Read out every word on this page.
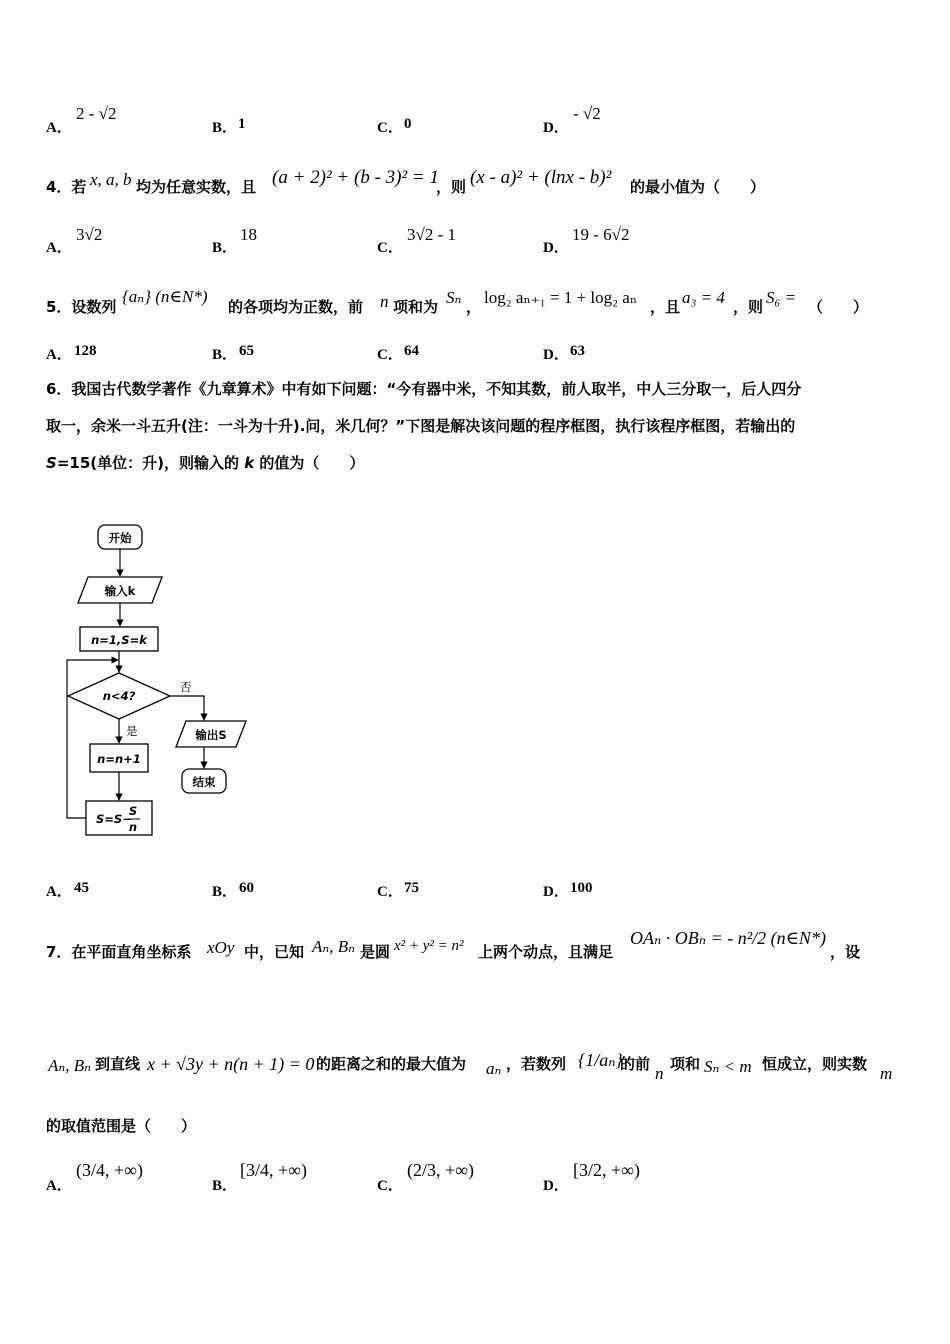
A．
2 - √2
B． 1	C． 0	D．
- √2
4．若 x, a, b 均为任意实数，且 (a + 2)² + (b - 3)² = 1
，则 (x - a)² + (lnx - b)² 的最小值为（　　）
A．
3√2
B．
18
C．
3√2 - 1
D．
19 - 6√2
5．设数列
{aₙ} (n∈N*)
的各项均为正数，前 n 项和为 Sₙ ， log₂ aₙ₊₁ = 1 + log₂ aₙ ，且 a₃ = 4 ，则 S₆ = （　　）
A． 128	B． 65	C． 64	D． 63
6．我国古代数学著作《九章算术》中有如下问题：“今有器中米，不知其数，前人取半，中人三分取一，后人四分
取一，余米一斗五升(注：一斗为十升).问，米几何？”下图是解决该问题的程序框图，执行该程序框图，若输出的
S=15(单位：升)，则输入的 k 的值为（　　）
开始
输入k
n=1,S=k
n<4?
否
输出S
结束
是
n=n+1
S=S−
S
n
A． 45	B． 60	C． 75	D． 100
7．在平面直角坐标系 xOy 中，已知 Aₙ, Bₙ 是圆 x² + y² = n² 上两个动点，且满足
OAₙ · OBₙ = - n²/2 (n∈N*)
，设
Aₙ, Bₙ 到直线 x + √3y + n(n + 1) = 0 的距离之和的最大值为 aₙ ，若数列 {1/aₙ}
的前 n 项和 Sₙ < m 恒成立，则实数 m
的取值范围是（　　）
A．
(3/4, +∞)
B．
[3/4, +∞)
C．
(2/3, +∞)
D．
[3/2, +∞)
